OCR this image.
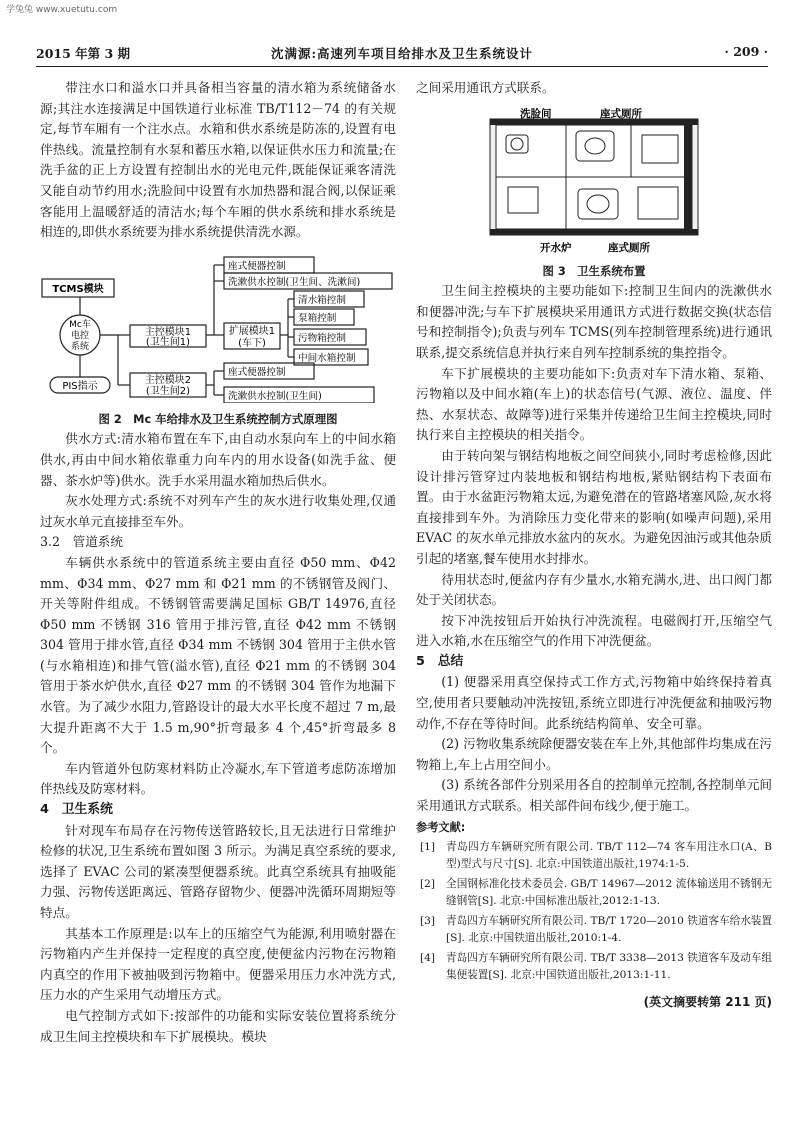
学兔兔 www.xuetutu.com
2015 年第 3 期	沈满源:高速列车项目给排水及卫生系统设计	· 209 ·

带注水口和溢水口并具备相当容量的清水箱为系统储备水源;其注水连接满足中国铁道行业标准 TB/T112－74 的有关规定,每节车厢有一个注水点。水箱和供水系统是防冻的,设置有电伴热线。流量控制有水泵和蓄压水箱,以保证供水压力和流量;在洗手盆的正上方设置有控制出水的光电元件,既能保证乘客清洗又能自动节约用水;洗脸间中设置有水加热器和混合阀,以保证乘客能用上温暖舒适的清洁水;每个车厢的供水系统和排水系统是相连的,即供水系统要为排水系统提供清洗水源。

TCMS模块
Mc车
电控
系统
PIS指示
主控模块1
(卫生间1)
主控模块2
(卫生间2)
扩展模块1
(车下)
座式便器控制
洗漱供水控制(卫生间、洗漱间)
清水箱控制
泵箱控制
污物箱控制
中间水箱控制
座式便器控制
洗漱供水控制(卫生间)
图 2　Mc 车给排水及卫生系统控制方式原理图

供水方式:清水箱布置在车下,由自动水泵向车上的中间水箱供水,再由中间水箱依靠重力向车内的用水设备(如洗手盆、便器、茶水炉等)供水。洗手水采用温水箱加热后供水。

灰水处理方式:系统不对列车产生的灰水进行收集处理,仅通过灰水单元直接排至车外。

3.2　管道系统

车辆供水系统中的管道系统主要由直径 Φ50 mm、Φ42 mm、Φ34 mm、Φ27 mm 和 Φ21 mm 的不锈钢管及阀门、开关等附件组成。不锈钢管需要满足国标 GB/T 14976,直径 Φ50 mm 不锈钢 316 管用于排污管,直径 Φ42 mm 不锈钢 304 管用于排水管,直径 Φ34 mm 不锈钢 304 管用于主供水管(与水箱相连)和排气管(溢水管),直径 Φ21 mm 的不锈钢 304 管用于茶水炉供水,直径 Φ27 mm 的不锈钢 304 管作为地漏下水管。为了减少水阻力,管路设计的最大水平长度不超过 7 m,最大提升距离不大于 1.5 m,90°折弯最多 4 个,45°折弯最多 8 个。

车内管道外包防寒材料防止冷凝水,车下管道考虑防冻增加伴热线及防寒材料。

4　卫生系统

针对现车布局存在污物传送管路较长,且无法进行日常维护检修的状况,卫生系统布置如图 3 所示。为满足真空系统的要求,选择了 EVAC 公司的紧凑型便器系统。此真空系统具有抽吸能力强、污物传送距离远、管路存留物少、便器冲洗循环周期短等特点。

其基本工作原理是:以车上的压缩空气为能源,利用喷射器在污物箱内产生并保持一定程度的真空度,使便盆内污物在污物箱内真空的作用下被抽吸到污物箱中。便器采用压力水冲洗方式,压力水的产生采用气动增压方式。

电气控制方式如下:按部件的功能和实际安装位置将系统分成卫生间主控模块和车下扩展模块。模块

之间采用通讯方式联系。
洗脸间	座式厕所
开水炉	座式厕所
图 3　卫生系统布置

卫生间主控模块的主要功能如下:控制卫生间内的洗漱供水和便器冲洗;与车下扩展模块采用通讯方式进行数据交换(状态信号和控制指令);负责与列车 TCMS(列车控制管理系统)进行通讯联系,提交系统信息并执行来自列车控制系统的集控指令。

车下扩展模块的主要功能如下:负责对车下清水箱、泵箱、污物箱以及中间水箱(车上)的状态信号(气源、液位、温度、伴热、水泵状态、故障等)进行采集并传递给卫生间主控模块,同时执行来自主控模块的相关指令。

由于转向架与钢结构地板之间空间狭小,同时考虑检修,因此设计排污管穿过内装地板和钢结构地板,紧贴钢结构下表面布置。由于水盆距污物箱太远,为避免潜在的管路堵塞风险,灰水将直接排到车外。为消除压力变化带来的影响(如噪声问题),采用 EVAC 的灰水单元排放水盆内的灰水。为避免因油污或其他杂质引起的堵塞,餐车使用水封排水。

待用状态时,便盆内存有少量水,水箱充满水,进、出口阀门都处于关闭状态。

按下冲洗按钮后开始执行冲洗流程。电磁阀打开,压缩空气进入水箱,水在压缩空气的作用下冲洗便盆。

5　总结

(1) 便器采用真空保持式工作方式,污物箱中始终保持着真空,使用者只要触动冲洗按钮,系统立即进行冲洗便盆和抽吸污物动作,不存在等待时间。此系统结构简单、安全可靠。

(2) 污物收集系统除便器安装在车上外,其他部件均集成在污物箱上,车上占用空间小。

(3) 系统各部件分别采用各自的控制单元控制,各控制单元间采用通讯方式联系。相关部件间布线少,便于施工。

参考文献:
[1]	青岛四方车辆研究所有限公司. TB/T 112—74 客车用注水口(A、B型)型式与尺寸[S]. 北京:中国铁道出版社,1974:1-5.
[2]	全国钢标准化技术委员会. GB/T 14967—2012 流体输送用不锈钢无缝钢管[S]. 北京:中国标准出版社,2012:1-13.
[3]	青岛四方车辆研究所有限公司. TB/T 1720—2010 铁道客车给水装置[S]. 北京:中国铁道出版社,2010:1-4.
[4]	青岛四方车辆研究所有限公司. TB/T 3338—2013 铁道客车及动车组集便装置[S]. 北京:中国铁道出版社,2013:1-11.
(英文摘要转第 211 页)
